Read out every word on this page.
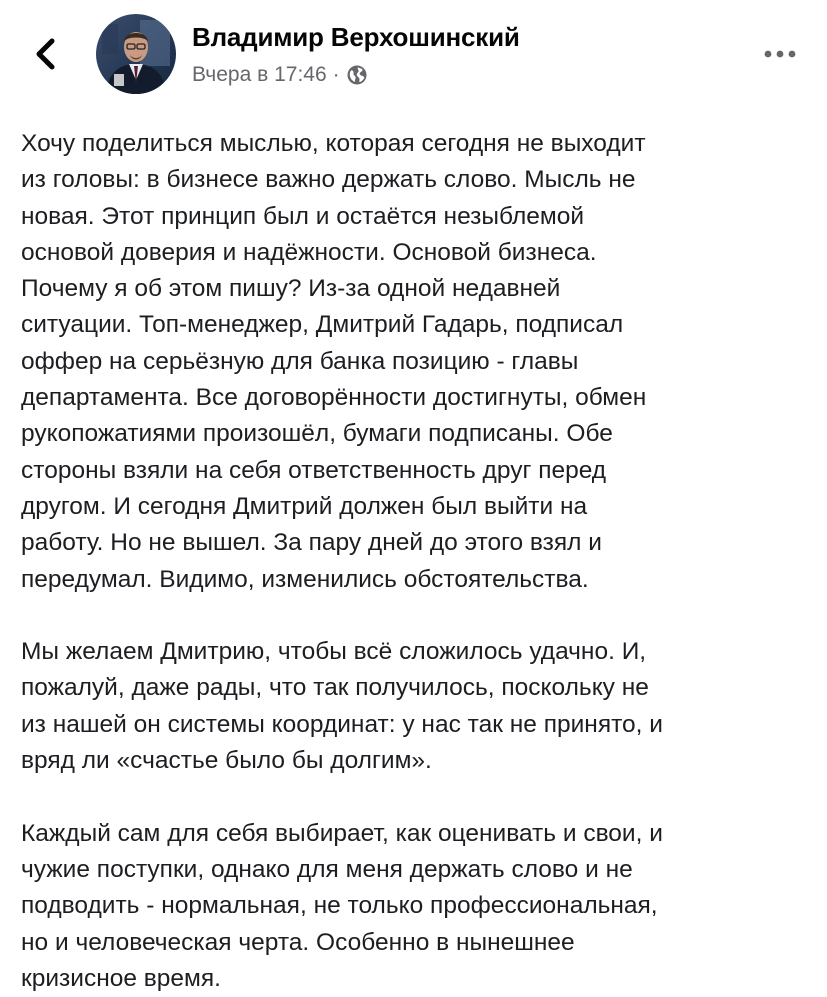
Владимир Верхошинский
Вчера в 17:46 ·
Хочу поделиться мыслью, которая сегодня не выходит
из головы: в бизнесе важно держать слово. Мысль не
новая. Этот принцип был и остаётся незыблемой
основой доверия и надёжности. Основой бизнеса.
Почему я об этом пишу? Из-за одной недавней
ситуации. Топ-менеджер, Дмитрий Гадарь, подписал
оффер на серьёзную для банка позицию - главы
департамента. Все договорённости достигнуты, обмен
рукопожатиями произошёл, бумаги подписаны. Обе
стороны взяли на себя ответственность друг перед
другом. И сегодня Дмитрий должен был выйти на
работу. Но не вышел. За пару дней до этого взял и
передумал. Видимо, изменились обстоятельства.
Мы желаем Дмитрию, чтобы всё сложилось удачно. И,
пожалуй, даже рады, что так получилось, поскольку не
из нашей он системы координат: у нас так не принято, и
вряд ли «счастье было бы долгим».
Каждый сам для себя выбирает, как оценивать и свои, и
чужие поступки, однако для меня держать слово и не
подводить - нормальная, не только профессиональная,
но и человеческая черта. Особенно в нынешнее
кризисное время.
